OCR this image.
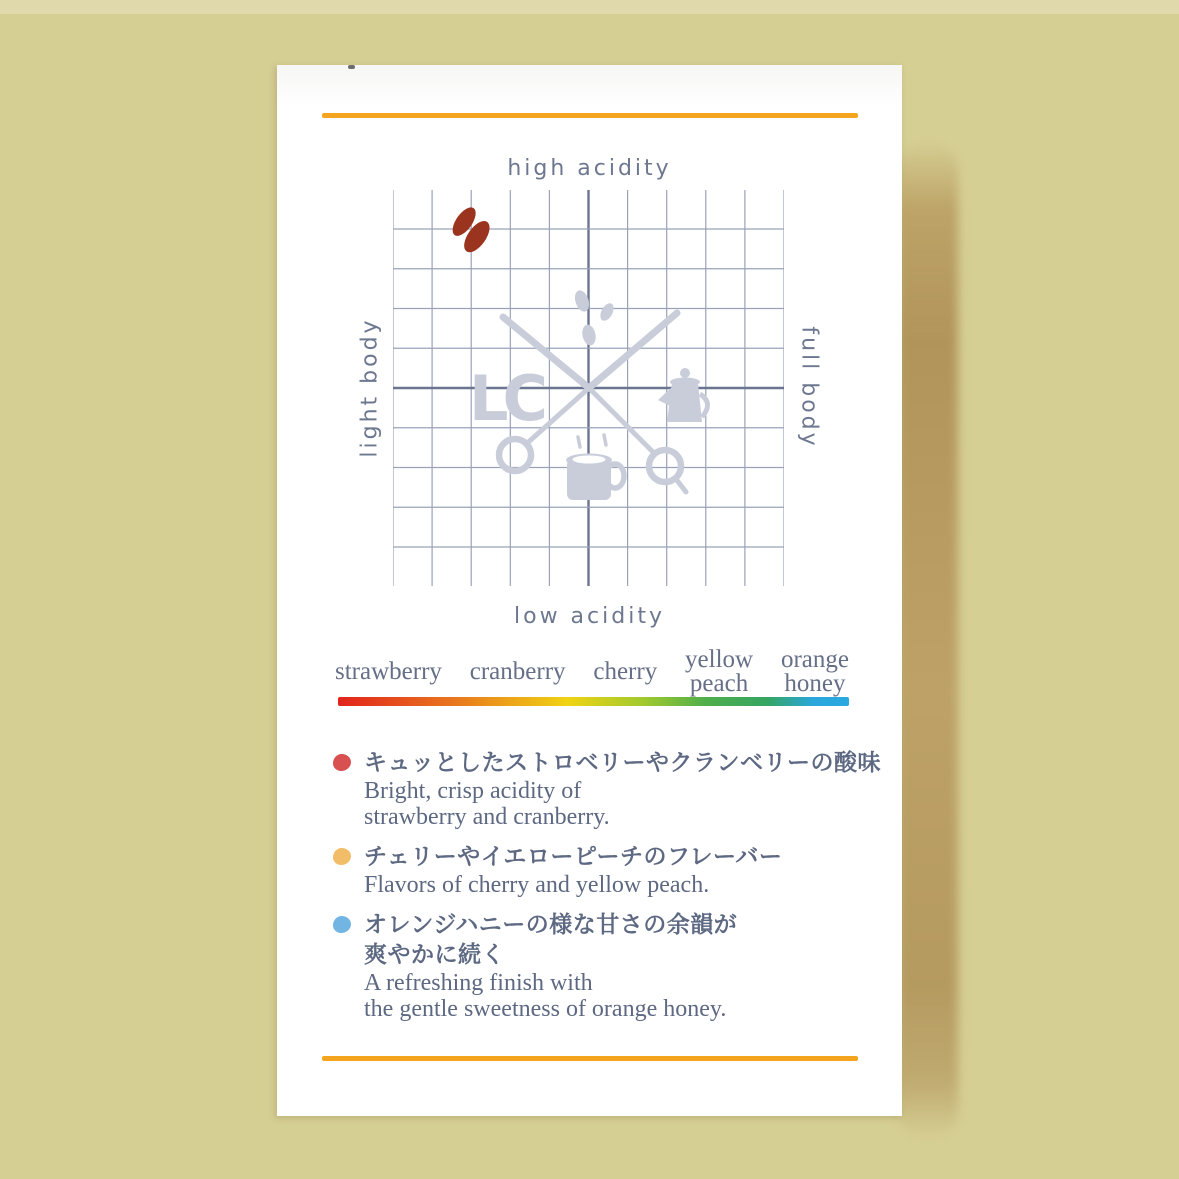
high acidity
low acidity
light body	full body
LC
strawberry cranberry cherry yellow
peach
orange
honey
キュッとしたストロベリーやクランベリーの酸味
Bright, crisp acidity of
strawberry and cranberry.
チェリーやイエローピーチのフレーバー
Flavors of cherry and yellow peach.
オレンジハニーの様な甘さの余韻が
爽やかに続く
A refreshing finish with
the gentle sweetness of orange honey.
